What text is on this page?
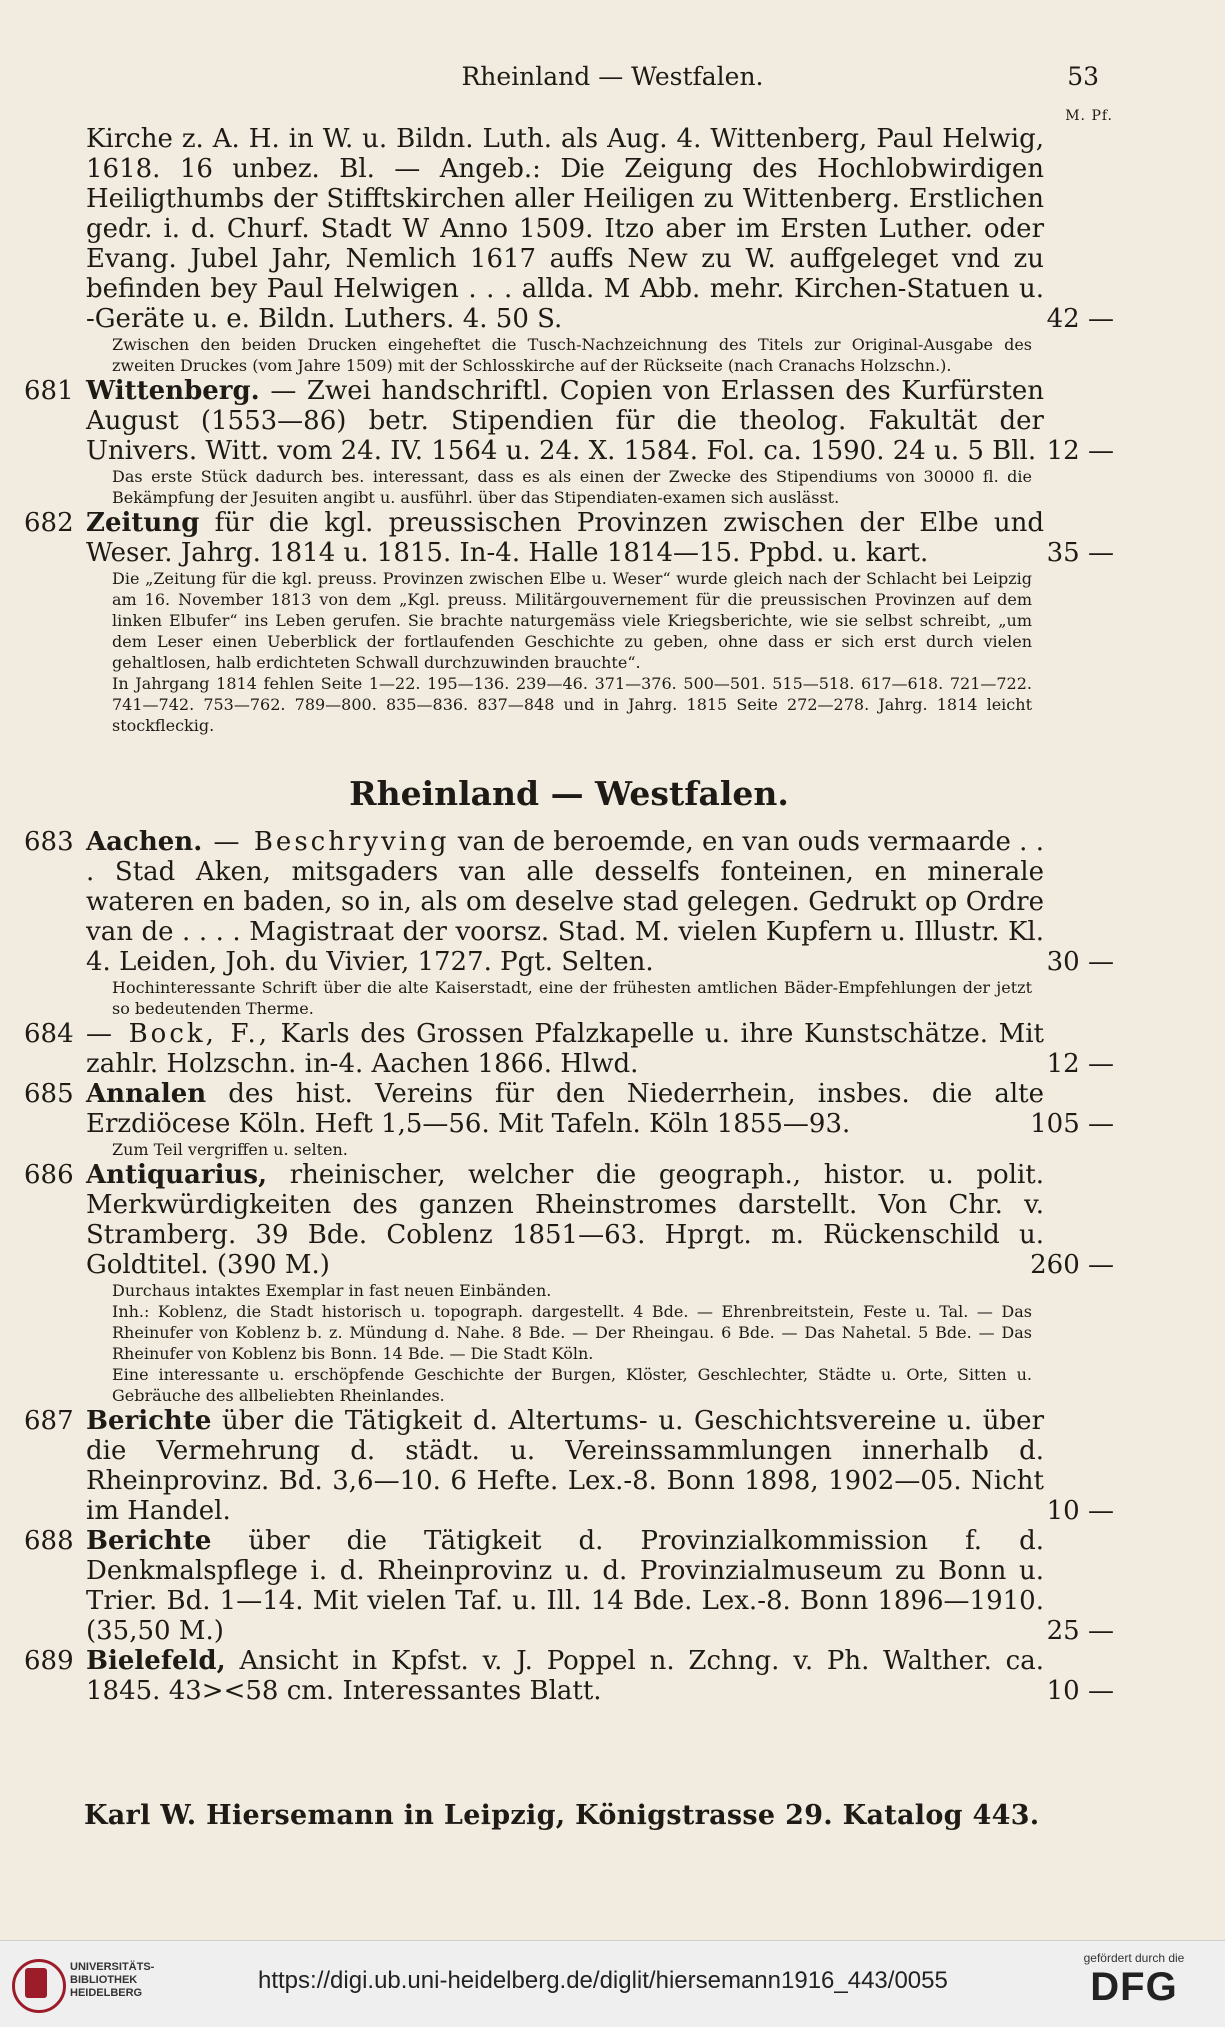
Rheinland — Westfalen.	53
M. Pf.
Kirche z. A. H. in W. u. Bildn. Luth. als Aug. 4. Wittenberg, Paul Helwig, 1618. 16 unbez. Bl. — Angeb.: Die Zeigung des Hochlobwirdigen Heiligthumbs der Stifftskirchen aller Heiligen zu Wittenberg. Erstlichen gedr. i. d. Churf. Stadt W Anno 1509. Itzo aber im Ersten Luther. oder Evang. Jubel Jahr, Nemlich 1617 auffs New zu W. auffgeleget vnd zu befinden bey Paul Helwigen . . . allda. M Abb. mehr. Kirchen-Statuen u. -Geräte u. e. Bildn. Luthers. 4. 50 S.	42 —
Zwischen den beiden Drucken eingeheftet die Tusch-Nachzeichnung des Titels zur Original-Ausgabe des zweiten Druckes (vom Jahre 1509) mit der Schlosskirche auf der Rückseite (nach Cranachs Holzschn.).
681 Wittenberg. — Zwei handschriftl. Copien von Erlassen des Kurfürsten August (1553—86) betr. Stipendien für die theolog. Fakultät der Univers. Witt. vom 24. IV. 1564 u. 24. X. 1584. Fol. ca. 1590. 24 u. 5 Bll. 12 —
Das erste Stück dadurch bes. interessant, dass es als einen der Zwecke des Stipendiums von 30000 fl. die Bekämpfung der Jesuiten angibt u. ausführl. über das Stipendiaten-examen sich auslässt.
682 Zeitung für die kgl. preussischen Provinzen zwischen der Elbe und Weser. Jahrg. 1814 u. 1815. In-4. Halle 1814—15. Ppbd. u. kart.	35 —
Die „Zeitung für die kgl. preuss. Provinzen zwischen Elbe u. Weser“ wurde gleich nach der Schlacht bei Leipzig am 16. November 1813 von dem „Kgl. preuss. Militärgouvernement für die preussischen Provinzen auf dem linken Elbufer“ ins Leben gerufen. Sie brachte naturgemäss viele Kriegsberichte, wie sie selbst schreibt, „um dem Leser einen Ueberblick der fortlaufenden Geschichte zu geben, ohne dass er sich erst durch vielen gehaltlosen, halb erdichteten Schwall durchzuwinden brauchte“.
In Jahrgang 1814 fehlen Seite 1—22. 195—136. 239—46. 371—376. 500—501. 515—518. 617—618. 721—722. 741—742. 753—762. 789—800. 835—836. 837—848 und in Jahrg. 1815 Seite 272—278. Jahrg. 1814 leicht stockfleckig.
Rheinland — Westfalen.
683 Aachen. — Beschryving van de beroemde, en van ouds vermaarde . . . Stad Aken, mitsgaders van alle desselfs fonteinen, en minerale wateren en baden, so in, als om deselve stad gelegen. Gedrukt op Ordre van de . . . . Magistraat der voorsz. Stad. M. vielen Kupfern u. Illustr. Kl. 4. Leiden, Joh. du Vivier, 1727. Pgt. Selten.	30 —
Hochinteressante Schrift über die alte Kaiserstadt, eine der frühesten amtlichen Bäder-Empfehlungen der jetzt so bedeutenden Therme.
684 — Bock, F., Karls des Grossen Pfalzkapelle u. ihre Kunstschätze. Mit zahlr. Holzschn. in-4. Aachen 1866. Hlwd.	12 —
685 Annalen des hist. Vereins für den Niederrhein, insbes. die alte Erzdiöcese Köln. Heft 1,5—56. Mit Tafeln. Köln 1855—93.	105 —
Zum Teil vergriffen u. selten.
686 Antiquarius, rheinischer, welcher die geograph., histor. u. polit. Merkwürdigkeiten des ganzen Rheinstromes darstellt. Von Chr. v. Stramberg. 39 Bde. Coblenz 1851—63. Hprgt. m. Rückenschild u. Goldtitel. (390 M.)	260 —
Durchaus intaktes Exemplar in fast neuen Einbänden.
Inh.: Koblenz, die Stadt historisch u. topograph. dargestellt. 4 Bde. — Ehrenbreitstein, Feste u. Tal. — Das Rheinufer von Koblenz b. z. Mündung d. Nahe. 8 Bde. — Der Rheingau. 6 Bde. — Das Nahetal. 5 Bde. — Das Rheinufer von Koblenz bis Bonn. 14 Bde. — Die Stadt Köln.
Eine interessante u. erschöpfende Geschichte der Burgen, Klöster, Geschlechter, Städte u. Orte, Sitten u. Gebräuche des allbeliebten Rheinlandes.
687 Berichte über die Tätigkeit d. Altertums- u. Geschichtsvereine u. über die Vermehrung d. städt. u. Vereinssammlungen innerhalb d. Rheinprovinz. Bd. 3,6—10. 6 Hefte. Lex.-8. Bonn 1898, 1902—05. Nicht im Handel.	10 —
688 Berichte über die Tätigkeit d. Provinzialkommission f. d. Denkmalspflege i. d. Rheinprovinz u. d. Provinzialmuseum zu Bonn u. Trier. Bd. 1—14. Mit vielen Taf. u. Ill. 14 Bde. Lex.-8. Bonn 1896—1910. (35,50 M.)	25 —
689 Bielefeld, Ansicht in Kpfst. v. J. Poppel n. Zchng. v. Ph. Walther. ca. 1845. 43><58 cm. Interessantes Blatt.	10 —
Karl W. Hiersemann in Leipzig, Königstrasse 29. Katalog 443.
UNIVERSITÄTS-
BIBLIOTHEK
HEIDELBERG	https://digi.ub.uni-heidelberg.de/diglit/hiersemann1916_443/0055
gefördert durch die
DFG
